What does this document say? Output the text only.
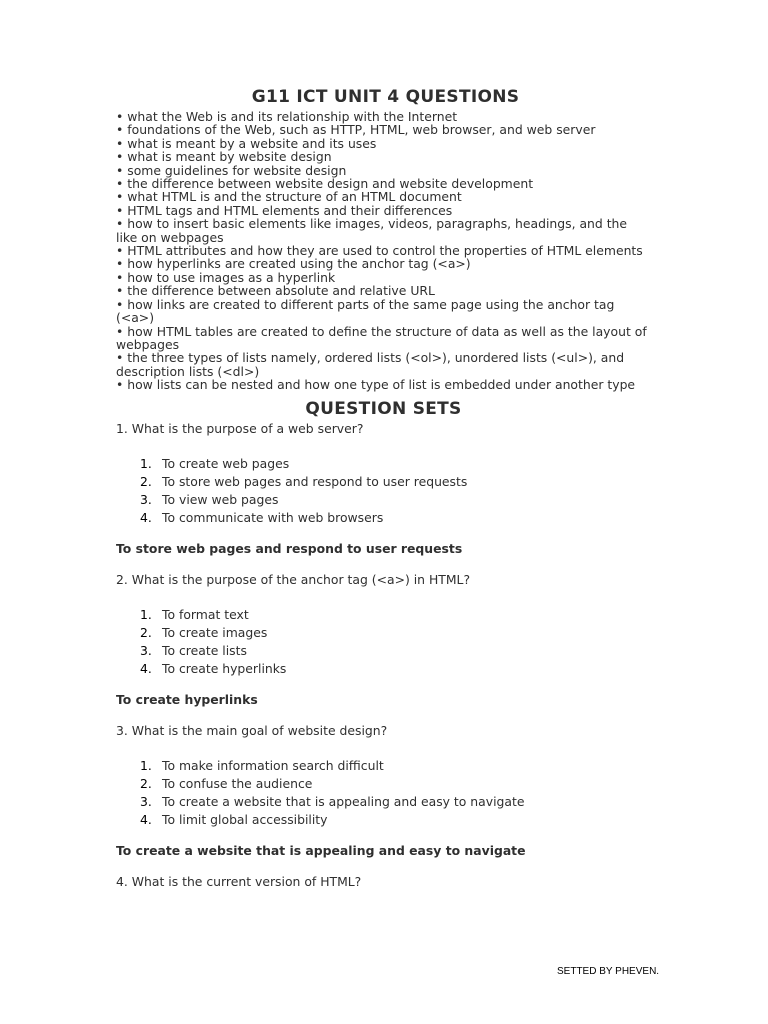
G11 ICT UNIT 4 QUESTIONS
• what the Web is and its relationship with the Internet
• foundations of the Web, such as HTTP, HTML, web browser, and web server
• what is meant by a website and its uses
• what is meant by website design
• some guidelines for website design
• the difference between website design and website development
• what HTML is and the structure of an HTML document
• HTML tags and HTML elements and their differences
• how to insert basic elements like images, videos, paragraphs, headings, and the like on webpages
• HTML attributes and how they are used to control the properties of HTML elements
• how hyperlinks are created using the anchor tag (<a>)
• how to use images as a hyperlink
• the difference between absolute and relative URL
• how links are created to different parts of the same page using the anchor tag (<a>)
• how HTML tables are created to define the structure of data as well as the layout of webpages
• the three types of lists namely, ordered lists (<ol>), unordered lists (<ul>), and description lists (<dl>)
• how lists can be nested and how one type of list is embedded under another type
QUESTION SETS

1. What is the purpose of a web server?

1. To create web pages
2. To store web pages and respond to user requests
3. To view web pages
4. To communicate with web browsers

To store web pages and respond to user requests

2. What is the purpose of the anchor tag (<a>) in HTML?

1. To format text
2. To create images
3. To create lists
4. To create hyperlinks

To create hyperlinks

3. What is the main goal of website design?

1. To make information search difficult
2. To confuse the audience
3. To create a website that is appealing and easy to navigate
4. To limit global accessibility

To create a website that is appealing and easy to navigate

4. What is the current version of HTML?

SETTED BY PHEVEN.
